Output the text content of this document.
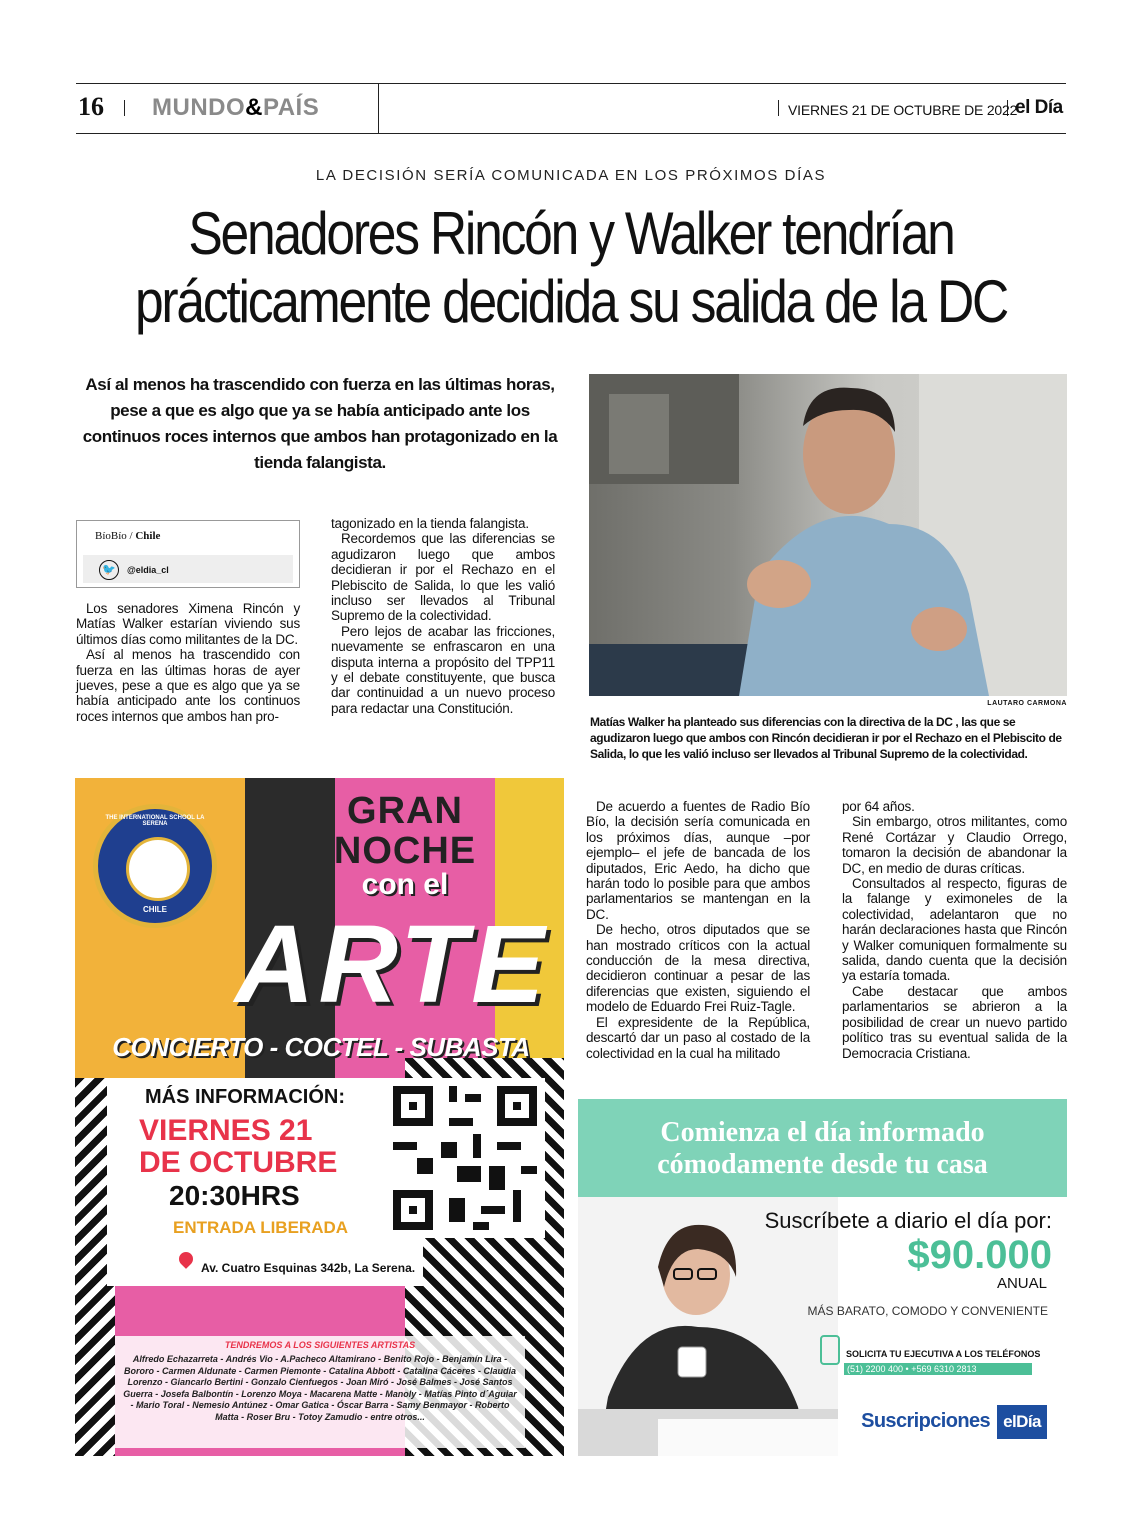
16 MUNDO&PAÍS	VIERNES 21 DE OCTUBRE DE 2022
el Día
LA DECISIÓN SERÍA COMUNICADA EN LOS PRÓXIMOS DÍAS
Senadores Rincón y Walker tendrían
prácticamente decidida su salida de la DC
Así al menos ha trascendido con fuerza en las últimas horas, pese a que es algo que ya se había anticipado ante los continuos roces internos que ambos han protagonizado en la tienda falangista.
BíoBío / Chile
🐦	@eldia_cl

Los senadores Ximena Rincón y Matías Walker estarían viviendo sus últimos días como militantes de la DC.

Así al menos ha trascendido con fuerza en las últimas horas de ayer jueves, pese a que es algo que ya se había anticipado ante los continuos roces internos que ambos han pro-

tagonizado en la tienda falangista.

Recordemos que las diferencias se agudizaron luego que ambos decidieran ir por el Rechazo en el Plebiscito de Salida, lo que les valió incluso ser llevados al Tribunal Supremo de la colectividad.

Pero lejos de acabar las fricciones, nuevamente se enfrascaron en una disputa interna a propósito del TPP11 y el debate constituyente, que busca dar continuidad a un nuevo proceso para redactar una Constitución.	LAUTARO CARMONA
Matías Walker ha planteado sus diferencias con la directiva de la DC , las que se agudizaron luego que ambos con Rincón decidieran ir por el Rechazo en el Plebiscito de Salida, lo que les valió incluso ser llevados al Tribunal Supremo de la colectividad.

De acuerdo a fuentes de Radio Bío Bío, la decisión sería comunicada en los próximos días, aunque –por ejemplo– el jefe de bancada de los diputados, Eric Aedo, ha dicho que harán todo lo posible para que ambos parlamentarios se mantengan en la DC.

De hecho, otros diputados que se han mostrado críticos con la actual conducción de la mesa directiva, decidieron continuar a pesar de las diferencias que existen, siguiendo el modelo de Eduardo Frei Ruiz-Tagle.

El expresidente de la República, descartó dar un paso al costado de la colectividad en la cual ha militado

por 64 años.

Sin embargo, otros militantes, como René Cortázar y Claudio Orrego, tomaron la decisión de abandonar la DC, en medio de duras críticas.

Consultados al respecto, figuras de la falange y eximoneles de la colectividad, adelantaron que no harán declaraciones hasta que Rincón y Walker comuniquen formalmente su salida, dando cuenta que la decisión ya estaría tomada.

Cabe destacar que ambos parlamentarios se abrieron a la posibilidad de crear un nuevo partido político tras su eventual salida de la Democracia Cristiana.

THE INTERNATIONAL SCHOOL LA SERENA
CHILE
GRAN
NOCHE
con el
ARTE
CONCIERTO - COCTEL - SUBASTA
MÁS INFORMACIÓN:
VIERNES 21
DE OCTUBRE
20:30HRS
ENTRADA LIBERADA
Av. Cuatro Esquinas 342b, La Serena.
TENDREMOS A LOS SIGUIENTES ARTISTAS
Alfredo Echazarreta - Andrés Vio - A.Pacheco Altamirano - Benito Rojo - Benjamín Lira - Bororo - Carmen Aldunate - Carmen Piemonte - Catalina Abbott - Catalina Cáceres - Claudia Lorenzo - Giancarlo Bertini - Gonzalo Cienfuegos - Joan Miró - José Balmes - José Santos Guerra - Josefa Balbontín - Lorenzo Moya - Macarena Matte - Manoly - Matías Pinto d´Aguiar - Mario Toral - Nemesio Antúnez - Omar Gatica - Óscar Barra - Samy Benmayor - Roberto Matta - Roser Bru - Totoy Zamudio - entre otros...
Comienza el día informado
cómodamente desde tu casa
Suscríbete a diario el día por:
$90.000
ANUAL
MÁS BARATO, COMODO Y CONVENIENTE
SOLICITA TU EJECUTIVA A LOS TELÉFONOS
(51) 2200 400 • +569 6310 2813
Suscripciones elDía
